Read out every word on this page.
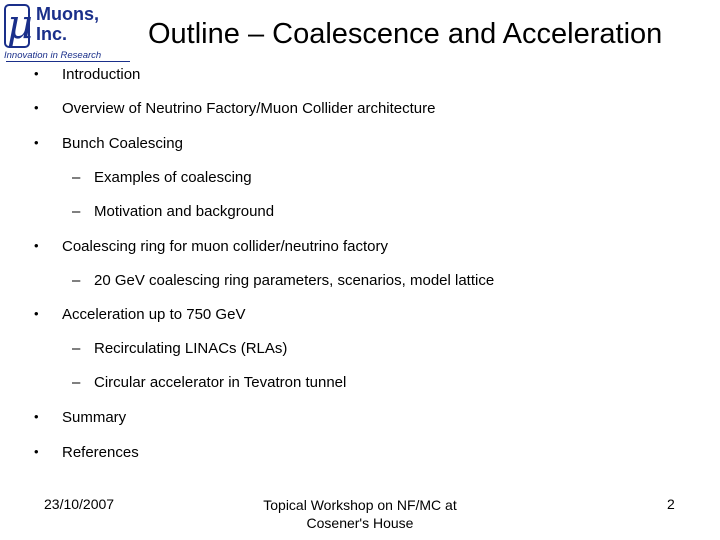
μ Muons,
Inc.
Innovation in Research
Outline – Coalescence and Acceleration
• Introduction
• Overview of Neutrino Factory/Muon Collider architecture
• Bunch Coalescing
– Examples of coalescing
– Motivation and background
• Coalescing ring for muon collider/neutrino factory
– 20 GeV coalescing ring parameters, scenarios, model lattice
• Acceleration up to 750 GeV
– Recirculating LINACs (RLAs)
– Circular accelerator in Tevatron tunnel
• Summary
• References
23/10/2007	Topical Workshop on NF/MC at
Cosener's House
2
